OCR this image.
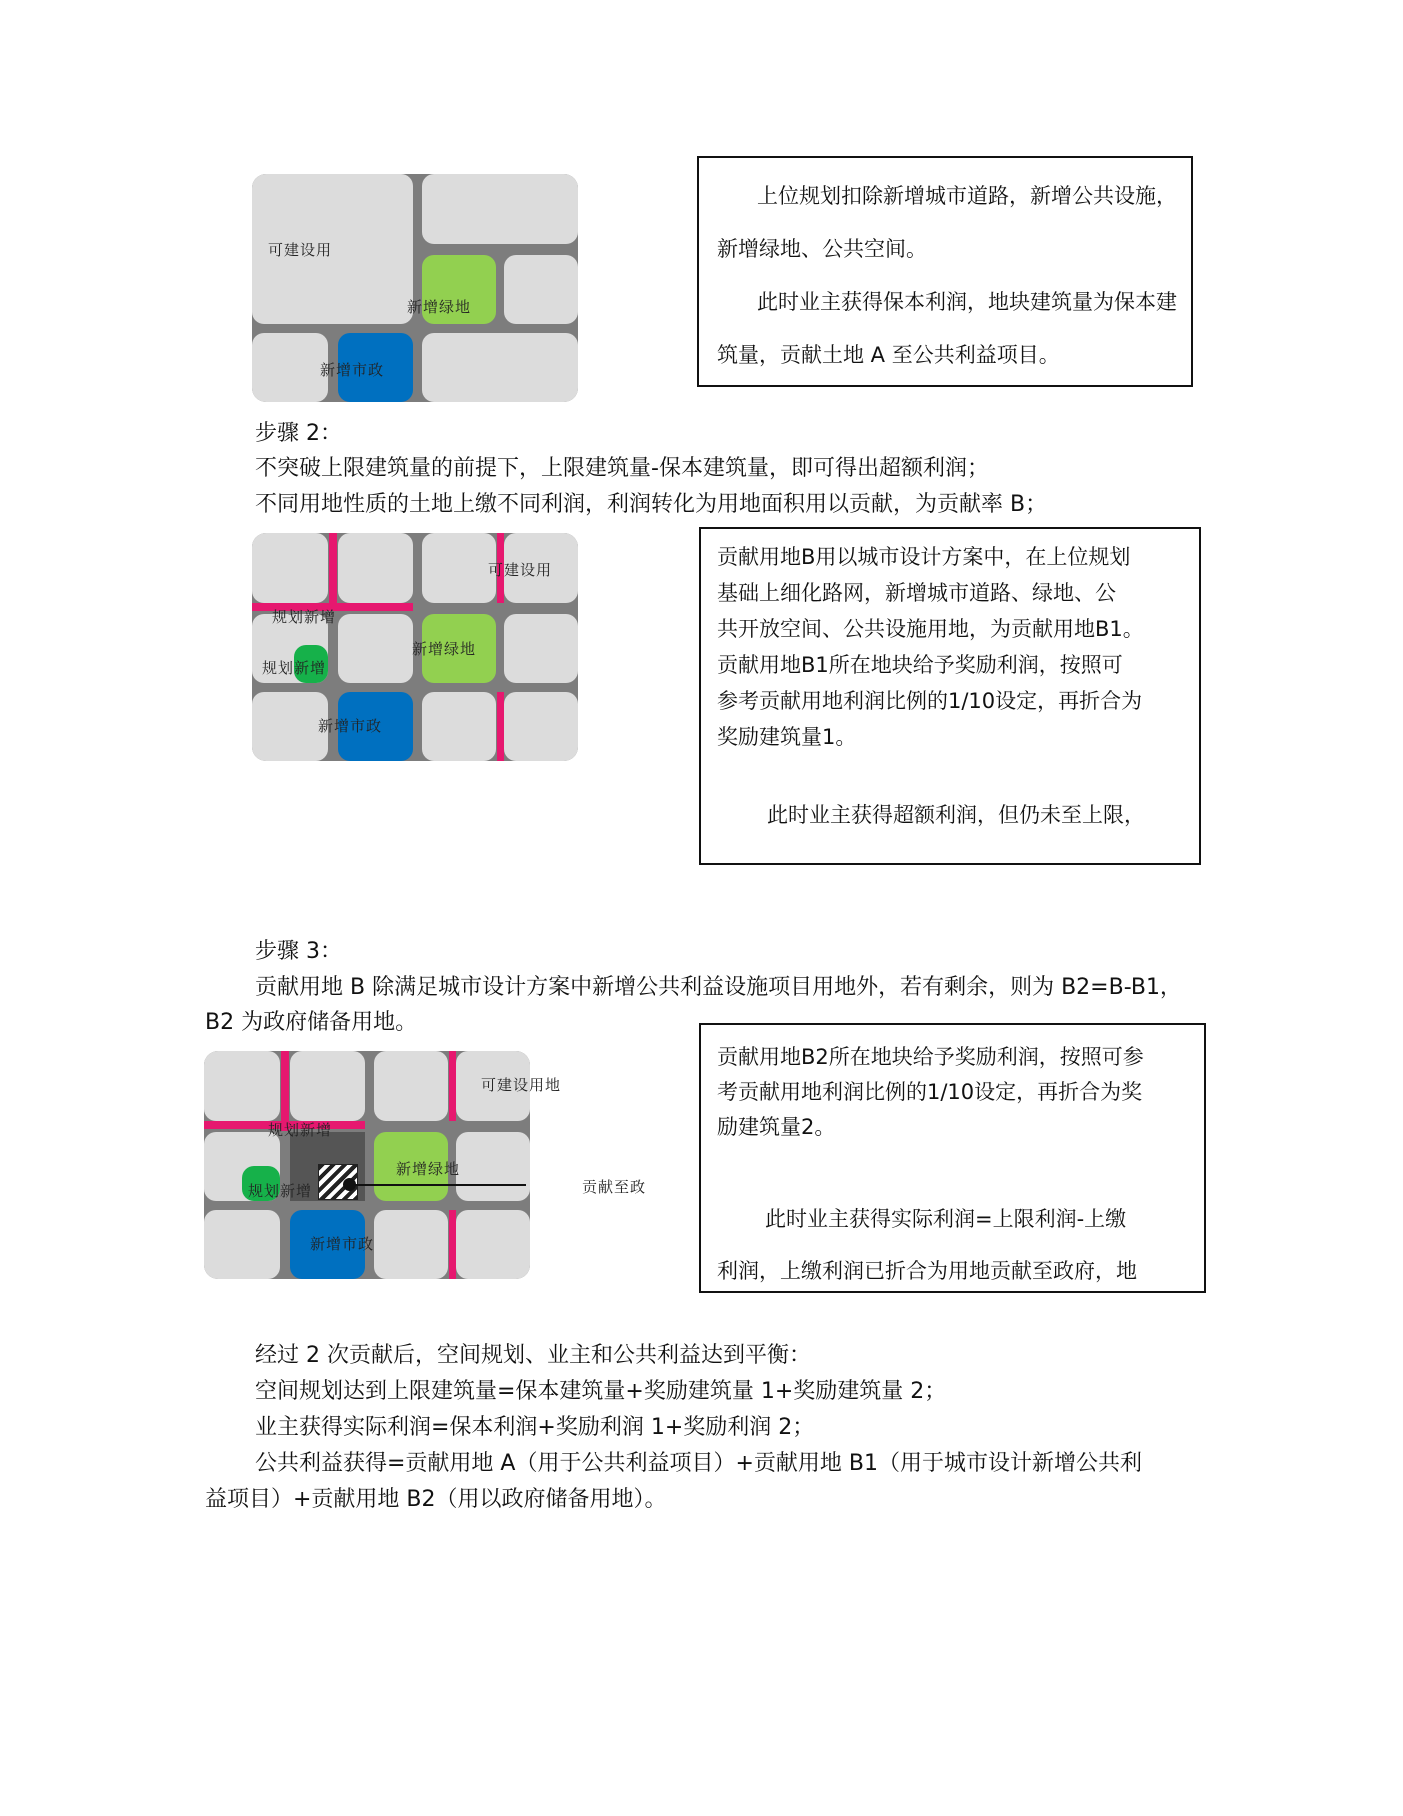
可建设用
新增绿地
新增市政

上位规划扣除新增城市道路，新增公共设施，

新增绿地、公共空间。

此时业主获得保本利润，地块建筑量为保本建

筑量，贡献土地 A 至公共利益项目。

步骤 2：
不突破上限建筑量的前提下，上限建筑量-保本建筑量，即可得出超额利润；
不同用地性质的土地上缴不同利润，利润转化为用地面积用以贡献，为贡献率 B；
可建设用
规划新增
规划新增
新增绿地
新增市政

贡献用地B用以城市设计方案中，在上位规划

基础上细化路网，新增城市道路、绿地、公

共开放空间、公共设施用地，为贡献用地B1。

贡献用地B1所在地块给予奖励利润，按照可

参考贡献用地利润比例的1/10设定，再折合为

奖励建筑量1。

此时业主获得超额利润，但仍未至上限，

步骤 3：
贡献用地 B 除满足城市设计方案中新增公共利益设施项目用地外，若有剩余，则为 B2=B-B1，
B2 为政府储备用地。
规划新增
规划新增
新增绿地
新增市政
可建设用地
贡献至政

贡献用地B2所在地块给予奖励利润，按照可参

考贡献用地利润比例的1/10设定，再折合为奖

励建筑量2。

此时业主获得实际利润=上限利润-上缴

利润，上缴利润已折合为用地贡献至政府，地

经过 2 次贡献后，空间规划、业主和公共利益达到平衡：
空间规划达到上限建筑量=保本建筑量+奖励建筑量 1+奖励建筑量 2；
业主获得实际利润=保本利润+奖励利润 1+奖励利润 2；
公共利益获得=贡献用地 A（用于公共利益项目）+贡献用地 B1（用于城市设计新增公共利
益项目）+贡献用地 B2（用以政府储备用地）。
